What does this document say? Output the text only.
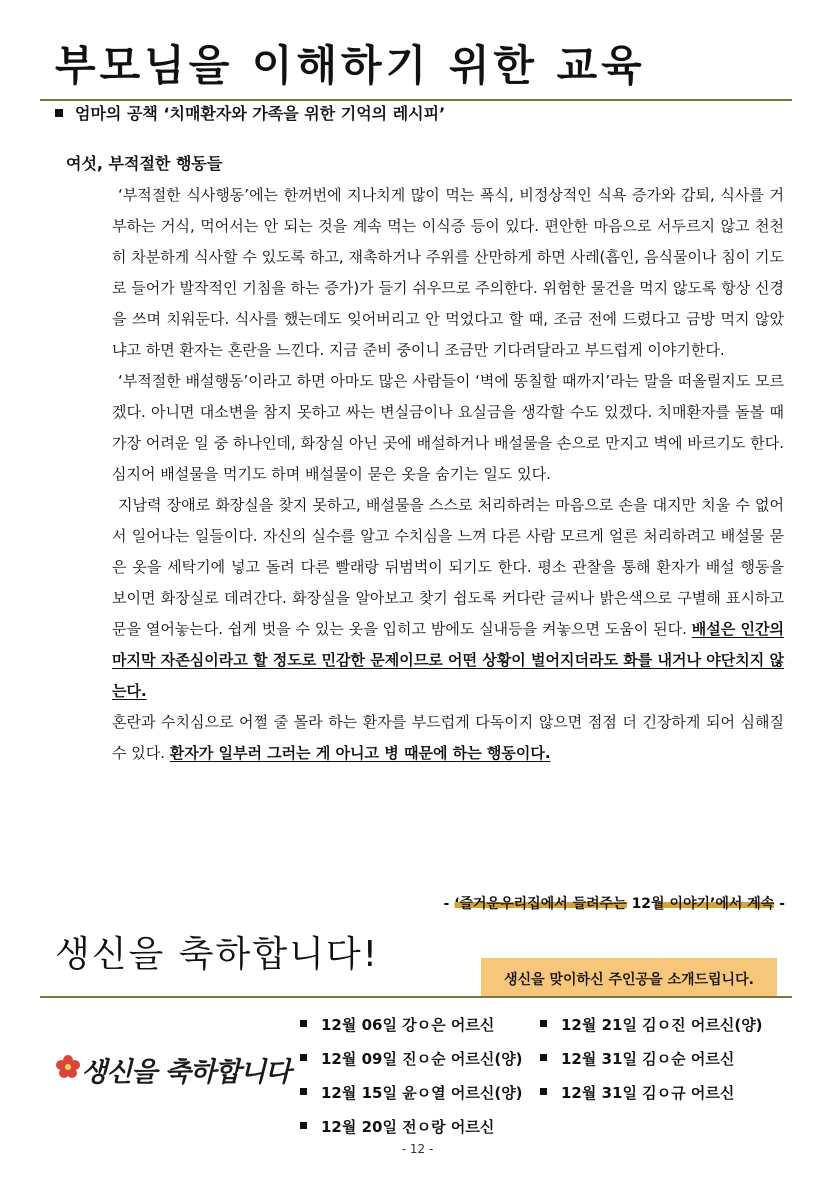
부모님을 이해하기 위한 교육
엄마의 공책 ‘치매환자와 가족을 위한 기억의 레시피’
여섯, 부적절한 행동들

‘부적절한 식사행동’에는 한꺼번에 지나치게 많이 먹는 폭식, 비정상적인 식욕 증가와 감퇴, 식사를 거부하는 거식, 먹어서는 안 되는 것을 계속 먹는 이식증 등이 있다. 편안한 마음으로 서두르지 않고 천천히 차분하게 식사할 수 있도록 하고, 재촉하거나 주위를 산만하게 하면 사레(흡인, 음식물이나 침이 기도로 들어가 발작적인 기침을 하는 증가)가 들기 쉬우므로 주의한다. 위험한 물건을 먹지 않도록 항상 신경을 쓰며 치워둔다. 식사를 했는데도 잊어버리고 안 먹었다고 할 때, 조금 전에 드렸다고 금방 먹지 않았냐고 하면 환자는 혼란을 느낀다. 지금 준비 중이니 조금만 기다려달라고 부드럽게 이야기한다.

‘부적절한 배설행동’이라고 하면 아마도 많은 사람들이 ‘벽에 똥칠할 때까지’라는 말을 떠올릴지도 모르겠다. 아니면 대소변을 참지 못하고 싸는 변실금이나 요실금을 생각할 수도 있겠다. 치매환자를 돌볼 때 가장 어려운 일 중 하나인데, 화장실 아닌 곳에 배설하거나 배설물을 손으로 만지고 벽에 바르기도 한다. 심지어 배설물을 먹기도 하며 배설물이 묻은 옷을 숨기는 일도 있다.

지남력 장애로 화장실을 찾지 못하고, 배설물을 스스로 처리하려는 마음으로 손을 대지만 치울 수 없어서 일어나는 일들이다. 자신의 실수를 알고 수치심을 느껴 다른 사람 모르게 얼른 처리하려고 배설물 묻은 옷을 세탁기에 넣고 돌려 다른 빨래랑 뒤범벅이 되기도 한다. 평소 관찰을 통해 환자가 배설 행동을 보이면 화장실로 데려간다. 화장실을 알아보고 찾기 쉽도록 커다란 글씨나 밝은색으로 구별해 표시하고 문을 열어놓는다. 쉽게 벗을 수 있는 옷을 입히고 밤에도 실내등을 켜놓으면 도움이 된다. 배설은 인간의 마지막 자존심이라고 할 정도로 민감한 문제이므로 어떤 상황이 벌어지더라도 화를 내거나 야단치지 않는다.

혼란과 수치심으로 어쩔 줄 몰라 하는 환자를 부드럽게 다독이지 않으면 점점 더 긴장하게 되어 심해질 수 있다. 환자가 일부러 그러는 게 아니고 병 때문에 하는 행동이다.

- ‘즐거운우리집에서 들려주는 12월 이야기’에서 계속 -
생신을 축하합니다!
생신을 맞이하신 주인공을 소개드립니다.
생신을 축하합니다
12월 06일 강ㅇ은 어르신	12월 21일 김ㅇ진 어르신(양)
12월 09일 진ㅇ순 어르신(양)	12월 31일 김ㅇ순 어르신
12월 15일 윤ㅇ열 어르신(양)	12월 31일 김ㅇ규 어르신
12월 20일 전ㅇ랑 어르신
- 12 -
